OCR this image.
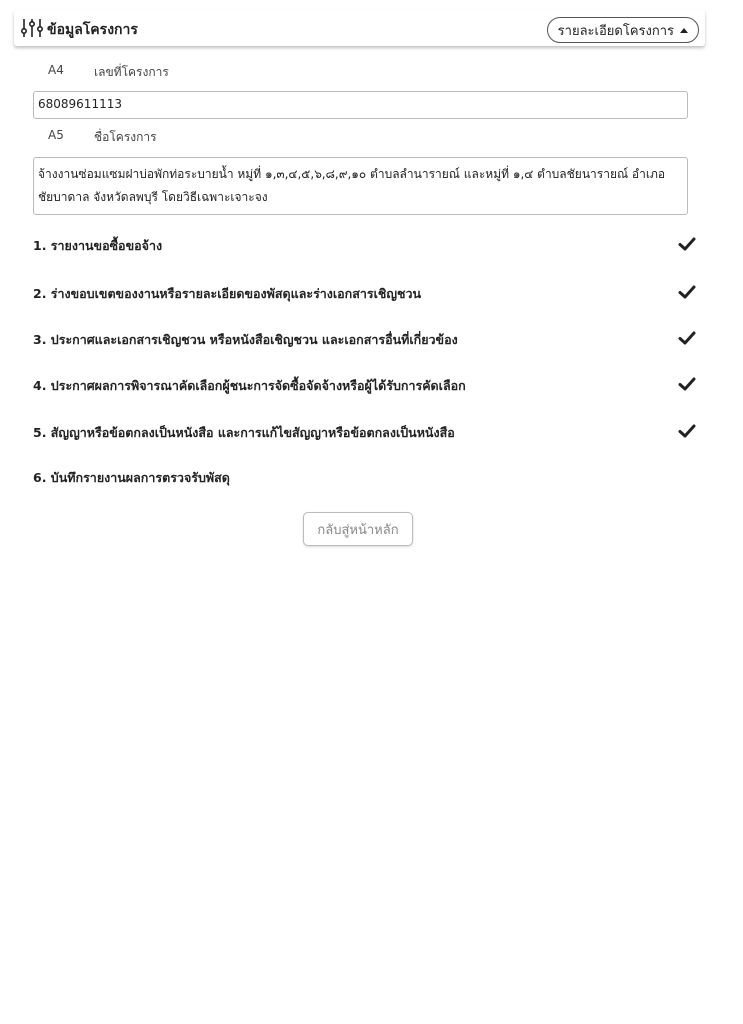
ข้อมูลโครงการ	รายละเอียดโครงการ
A4	เลขที่โครงการ
68089611113
A5	ชื่อโครงการ
จ้างงานซ่อมแซมฝาบ่อพักท่อระบายน้ำ หมู่ที่ ๑,๓,๔,๕,๖,๘,๙,๑๐ ตำบลลำนารายณ์ และหมู่ที่ ๑,๔ ตำบลชัยนารายณ์ อำเภอ
ชัยบาดาล จังหวัดลพบุรี โดยวิธีเฉพาะเจาะจง
1. รายงานขอซื้อขอจ้าง
2. ร่างขอบเขตของงานหรือรายละเอียดของพัสดุและร่างเอกสารเชิญชวน
3. ประกาศและเอกสารเชิญชวน หรือหนังสือเชิญชวน และเอกสารอื่นที่เกี่ยวข้อง
4. ประกาศผลการพิจารณาคัดเลือกผู้ชนะการจัดซื้อจัดจ้างหรือผู้ได้รับการคัดเลือก
5. สัญญาหรือข้อตกลงเป็นหนังสือ และการแก้ไขสัญญาหรือข้อตกลงเป็นหนังสือ
6. บันทึกรายงานผลการตรวจรับพัสดุ
กลับสู่หน้าหลัก
